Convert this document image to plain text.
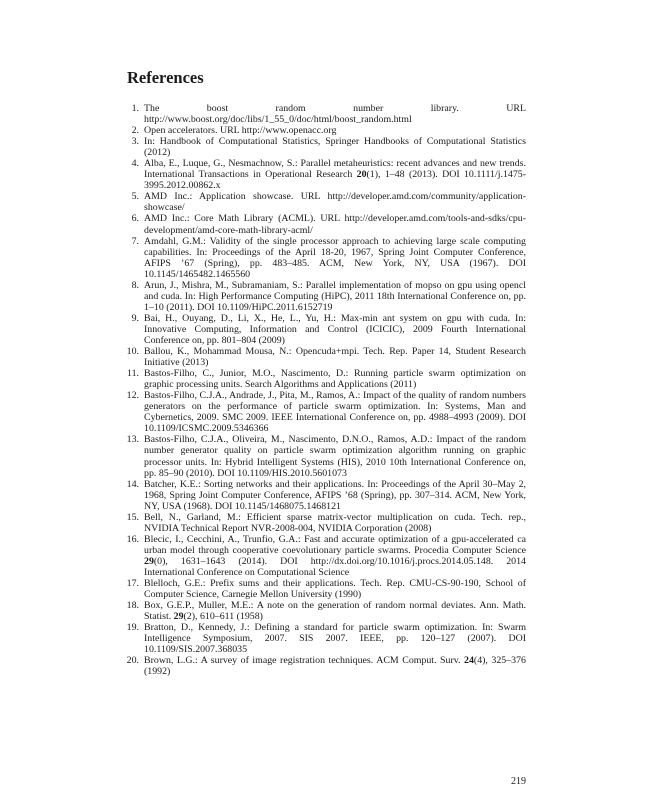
References
1. The boost random number library. URL http://www.boost.org/doc/libs/1_55_0/doc/html/boost_random.html
2. Open accelerators. URL http://www.openacc.org
3. In: Handbook of Computational Statistics, Springer Handbooks of Computational Statistics (2012)
4. Alba, E., Luque, G., Nesmachnow, S.: Parallel metaheuristics: recent advances and new trends. International Transactions in Operational Research 20(1), 1–48 (2013). DOI 10.1111/j.1475-3995.2012.00862.x
5. AMD Inc.: Application showcase. URL http://developer.amd.com/community/application-showcase/
6. AMD Inc.: Core Math Library (ACML). URL http://developer.amd.com/tools-and-sdks/cpu-development/amd-core-math-library-acml/
7. Amdahl, G.M.: Validity of the single processor approach to achieving large scale computing capabilities. In: Proceedings of the April 18-20, 1967, Spring Joint Computer Conference, AFIPS ’67 (Spring), pp. 483–485. ACM, New York, NY, USA (1967). DOI 10.1145/1465482.1465560
8. Arun, J., Mishra, M., Subramaniam, S.: Parallel implementation of mopso on gpu using opencl and cuda. In: High Performance Computing (HiPC), 2011 18th International Conference on, pp. 1–10 (2011). DOI 10.1109/HiPC.2011.6152719
9. Bai, H., Ouyang, D., Li, X., He, L., Yu, H.: Max-min ant system on gpu with cuda. In: Innovative Computing, Information and Control (ICICIC), 2009 Fourth International Conference on, pp. 801–804 (2009)
10. Ballou, K., Mohammad Mousa, N.: Opencuda+mpi. Tech. Rep. Paper 14, Student Research Initiative (2013)
11. Bastos-Filho, C., Junior, M.O., Nascimento, D.: Running particle swarm optimization on graphic processing units. Search Algorithms and Applications (2011)
12. Bastos-Filho, C.J.A., Andrade, J., Pita, M., Ramos, A.: Impact of the quality of random numbers generators on the performance of particle swarm optimization. In: Systems, Man and Cybernetics, 2009. SMC 2009. IEEE International Conference on, pp. 4988–4993 (2009). DOI 10.1109/ICSMC.2009.5346366
13. Bastos-Filho, C.J.A., Oliveira, M., Nascimento, D.N.O., Ramos, A.D.: Impact of the random number generator quality on particle swarm optimization algorithm running on graphic processor units. In: Hybrid Intelligent Systems (HIS), 2010 10th International Conference on, pp. 85–90 (2010). DOI 10.1109/HIS.2010.5601073
14. Batcher, K.E.: Sorting networks and their applications. In: Proceedings of the April 30–May 2, 1968, Spring Joint Computer Conference, AFIPS ’68 (Spring), pp. 307–314. ACM, New York, NY, USA (1968). DOI 10.1145/1468075.1468121
15. Bell, N., Garland, M.: Efficient sparse matrix-vector multiplication on cuda. Tech. rep., NVIDIA Technical Report NVR-2008-004, NVIDIA Corporation (2008)
16. Blecic, I., Cecchini, A., Trunfio, G.A.: Fast and accurate optimization of a gpu-accelerated ca urban model through cooperative coevolutionary particle swarms. Procedia Computer Science 29(0), 1631–1643 (2014). DOI http://dx.doi.org/10.1016/j.procs.2014.05.148. 2014 International Conference on Computational Science
17. Blelloch, G.E.: Prefix sums and their applications. Tech. Rep. CMU-CS-90-190, School of Computer Science, Carnegie Mellon University (1990)
18. Box, G.E.P., Muller, M.E.: A note on the generation of random normal deviates. Ann. Math. Statist. 29(2), 610–611 (1958)
19. Bratton, D., Kennedy, J.: Defining a standard for particle swarm optimization. In: Swarm Intelligence Symposium, 2007. SIS 2007. IEEE, pp. 120–127 (2007). DOI 10.1109/SIS.2007.368035
20. Brown, L.G.: A survey of image registration techniques. ACM Comput. Surv. 24(4), 325–376 (1992)
219
